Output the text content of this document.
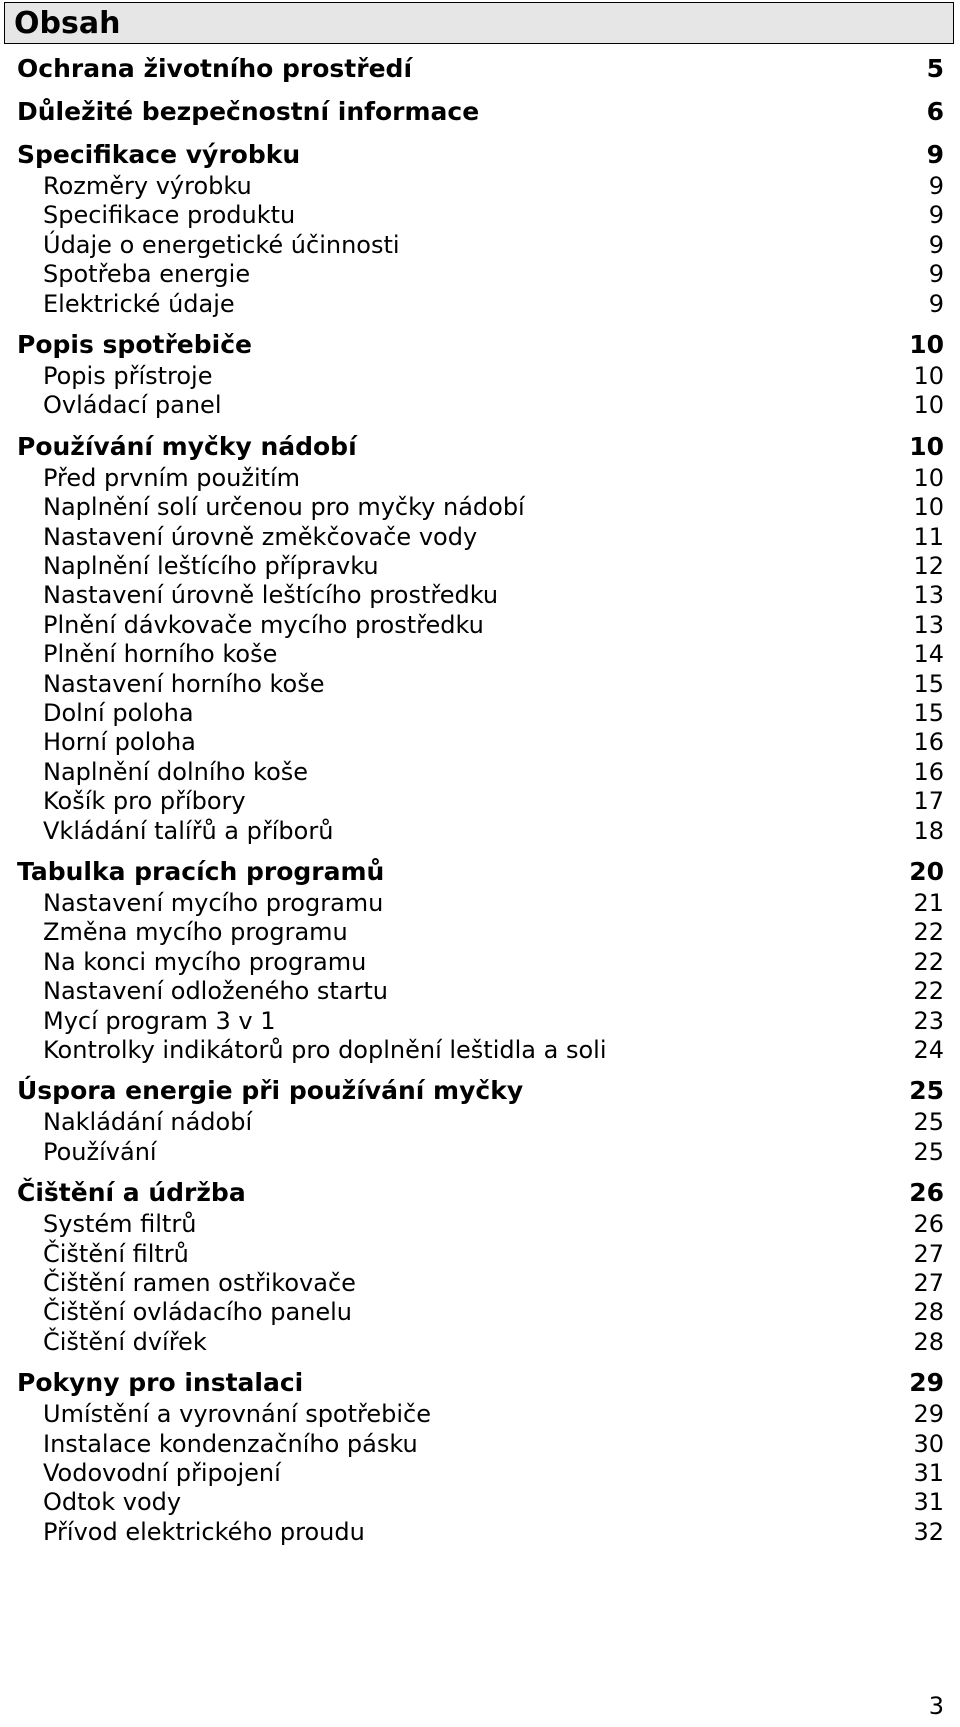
Obsah
Ochrana životního prostředí	5
Důležité bezpečnostní informace	6
Specifikace výrobku	9
Rozměry výrobku	9
Specifikace produktu	9
Údaje o energetické účinnosti	9
Spotřeba energie	9
Elektrické údaje	9
Popis spotřebiče	10
Popis přístroje	10
Ovládací panel	10
Používání myčky nádobí	10
Před prvním použitím	10
Naplnění solí určenou pro myčky nádobí	10
Nastavení úrovně změkčovače vody	11
Naplnění leštícího přípravku	12
Nastavení úrovně leštícího prostředku	13
Plnění dávkovače mycího prostředku	13
Plnění horního koše	14
Nastavení horního koše	15
Dolní poloha	15
Horní poloha	16
Naplnění dolního koše	16
Košík pro příbory	17
Vkládání talířů a příborů	18
Tabulka pracích programů	20
Nastavení mycího programu	21
Změna mycího programu	22
Na konci mycího programu	22
Nastavení odloženého startu	22
Mycí program 3 v 1	23
Kontrolky indikátorů pro doplnění leštidla a soli	24
Úspora energie při používání myčky	25
Nakládání nádobí	25
Používání	25
Čištění a údržba	26
Systém filtrů	26
Čištění filtrů	27
Čištění ramen ostřikovače	27
Čištění ovládacího panelu	28
Čištění dvířek	28
Pokyny pro instalaci	29
Umístění a vyrovnání spotřebiče	29
Instalace kondenzačního pásku	30
Vodovodní připojení	31
Odtok vody	31
Přívod elektrického proudu	32
3
